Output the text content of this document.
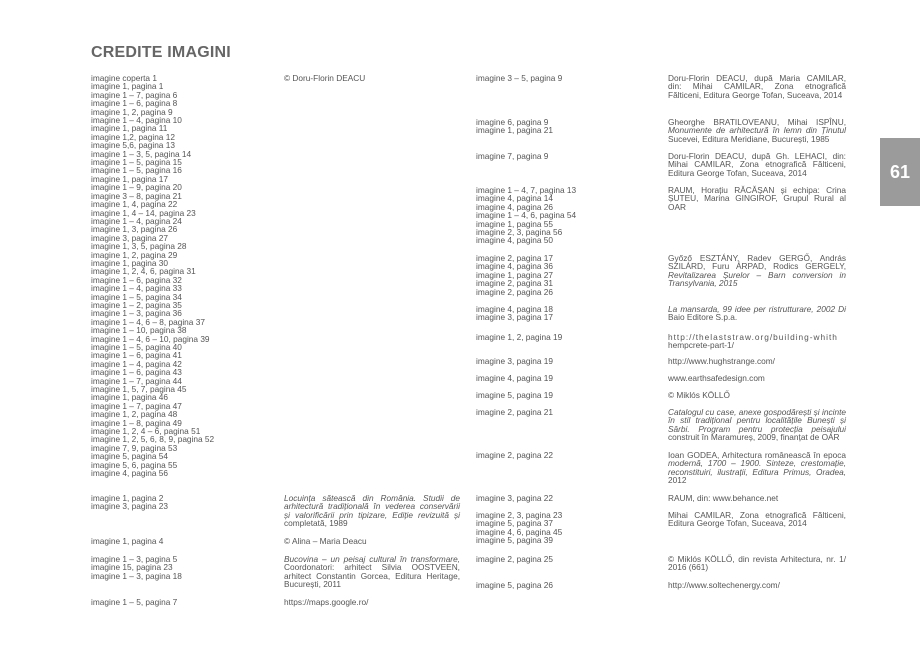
CREDITE IMAGINI
61
imagine coperta 1
imagine 1, pagina 1
imagine 1 – 7, pagina 6
imagine 1 – 6, pagina 8
imagine 1, 2, pagina 9
imagine 1 – 4, pagina 10
imagine 1, pagina 11
imagine 1,2, pagina 12
imagine 5,6, pagina 13
imagine 1 – 3, 5, pagina 14
imagine 1 – 5, pagina 15
imagine 1 – 5, pagina 16
imagine 1, pagina 17
imagine 1 – 9, pagina 20
imagine 3 – 8, pagina 21
imagine 1, 4, pagina 22
imagine 1, 4 – 14, pagina 23
imagine 1 – 4, pagina 24
imagine 1, 3, pagina 26
imagine 3, pagina 27
imagine 1, 3, 5, pagina 28
imagine 1, 2, pagina 29
imagine 1, pagina 30
imagine 1, 2, 4, 6, pagina 31
imagine 1 – 6, pagina 32
imagine 1 – 4, pagina 33
imagine 1 – 5, pagina 34
imagine 1 – 2, pagina 35
imagine 1 – 3, pagina 36
imagine 1 – 4, 6 – 8, pagina 37
imagine 1 – 10, pagina 38
imagine 1 – 4, 6 – 10, pagina 39
imagine 1 – 5, pagina 40
imagine 1 – 6, pagina 41
imagine 1 – 4, pagina 42
imagine 1 – 6, pagina 43
imagine 1 – 7, pagina 44
imagine 1, 5, 7, pagina 45
imagine 1, pagina 46
imagine 1 – 7, pagina 47
imagine 1, 2, pagina 48
imagine 1 – 8, pagina 49
imagine 1, 2, 4 – 6, pagina 51
imagine 1, 2, 5, 6, 8, 9, pagina 52
imagine 7, 9, pagina 53
imagine 5, pagina 54
imagine 5, 6, pagina 55
imagine 4, pagina 56
© Doru-Florin DEACU
imagine 1, pagina 2
imagine 3, pagina 23
Locuința sătească din România. Studii de
arhitectură tradițională în vederea conservării
și valorificării prin tipizare, Ediție revizuită și
completată, 1989
imagine 1, pagina 4	© Alina – Maria Deacu
imagine 1 – 3, pagina 5
imagine 15, pagina 23
imagine 1 – 3, pagina 18
Bucovina – un peisaj cultural în transformare,
Coordonatori: arhitect Silvia OOSTVEEN,
arhitect Constantin Gorcea, Editura Heritage,
București, 2011
imagine 1 – 5, pagina 7	https://maps.google.ro/
imagine 3 – 5, pagina 9
imagine 6, pagina 9
imagine 1, pagina 21
imagine 7, pagina 9
imagine 1 – 4, 7, pagina 13
imagine 4, pagina 14
imagine 4, pagina 26
imagine 1 – 4, 6, pagina 54
imagine 1, pagina 55
imagine 2, 3, pagina 56
imagine 4, pagina 50
imagine 2, pagina 17
imagine 4, pagina 36
imagine 1, pagina 27
imagine 2, pagina 31
imagine 2, pagina 26
imagine 4, pagina 18
imagine 3, pagina 17
imagine 1, 2, pagina 19
imagine 3, pagina 19
imagine 4, pagina 19
imagine 5, pagina 19
imagine 2, pagina 21
imagine 2, pagina 22
imagine 3, pagina 22
imagine 2, 3, pagina 23
imagine 5, pagina 37
imagine 4, 6, pagina 45
imagine 5, pagina 39
imagine 2, pagina 25
imagine 5, pagina 26
Doru-Florin DEACU, după Maria CAMILAR,
din: Mihai CAMILAR, Zona etnografică
Fălticeni, Editura George Tofan, Suceava, 2014
Gheorghe BRATILOVEANU, Mihai ISPÎNU,
Monumente de arhitectură în lemn din Ținutul
Sucevei, Editura Meridiane, București, 1985
Doru-Florin DEACU, după Gh. LEHACI, din:
Mihai CAMILAR, Zona etnografică Fălticeni,
Editura George Tofan, Suceava, 2014
RAUM, Horațiu RĂCĂȘAN și echipa: Crina
ȘUTEU, Marina GINGIROF, Grupul Rural al
OAR
Győző ESZTÁNY, Radev GERGŐ, András
SZILÁRD, Furu ÁRPAD, Rodics GERGELY,
Revitalizarea Șurelor – Barn conversion in
Transylvania, 2015
La mansarda, 99 idee per ristrutturare, 2002 Di
Baio Editore S.p.a.
http://thelaststraw.org/building-whith
hempcrete-part-1/
http://www.hughstrange.com/
www.earthsafedesign.com
© Miklós KÖLLŐ
Catalogul cu case, anexe gospodărești și incinte
în stil tradițional pentru localitățile Bunești și
Sârbi. Program pentru protecția peisajului
construit în Maramureș, 2009, finanțat de OAR
Ioan GODEA, Arhitectura românească în epoca
modernă, 1700 – 1900. Sinteze, crestomație,
reconstituiri, ilustrații, Editura Primus, Oradea,
2012
RAUM, din: www.behance.net
Mihai CAMILAR, Zona etnografică Fălticeni,
Editura George Tofan, Suceava, 2014
© Miklós KÖLLŐ, din revista Arhitectura, nr. 1/
2016 (661)
http://www.soltechenergy.com/
